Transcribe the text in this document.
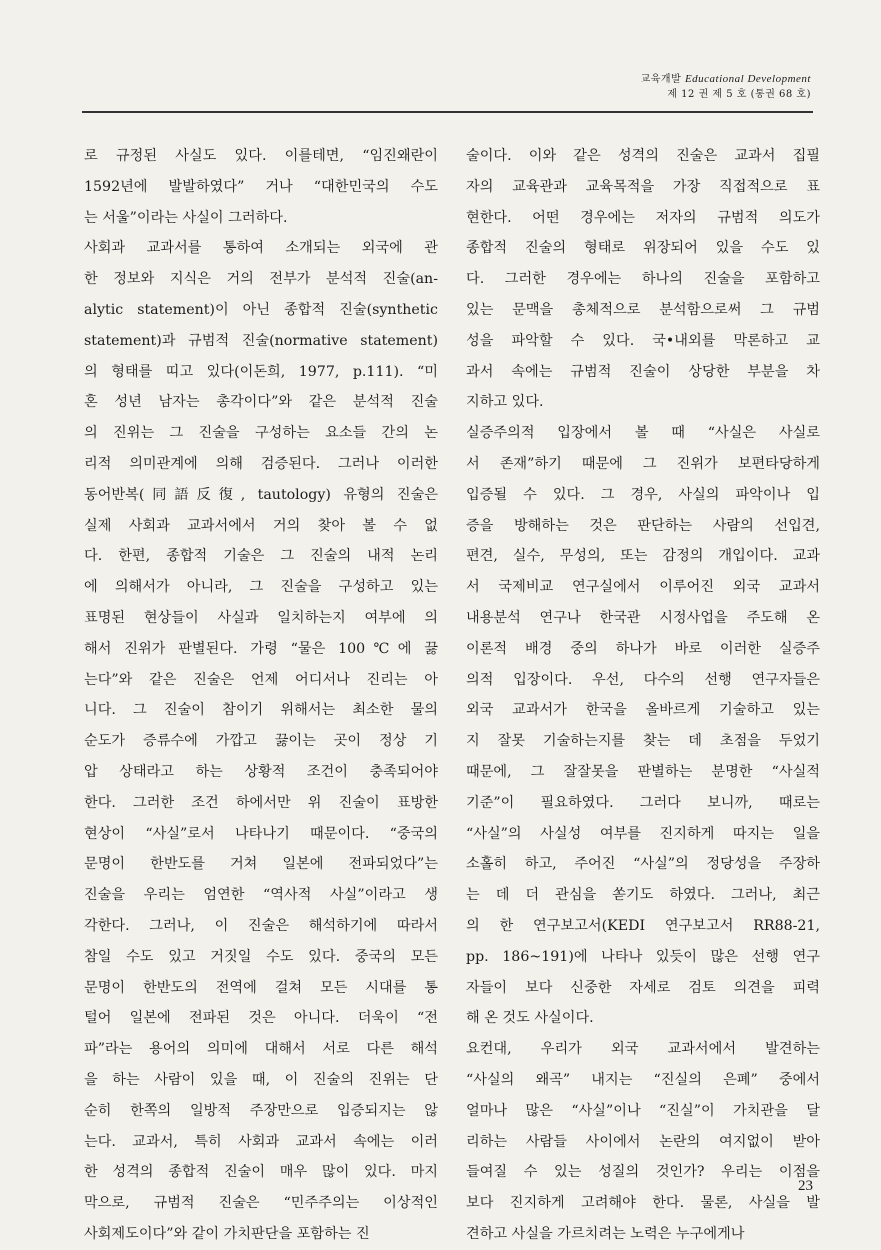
교육개발 Educational Development
제 12 권 제 5 호 (통권 68 호)
로 규정된 사실도 있다. 이를테면, “임진왜란이
1592년에 발발하였다” 거나 “대한민국의 수도
는 서울”이라는 사실이 그러하다.
사회과 교과서를 통하여 소개되는 외국에 관
한 정보와 지식은 거의 전부가 분석적 진술(an-
alytic statement)이 아닌 종합적 진술(synthetic
statement)과 규범적 진술(normative statement)
의 형태를 띠고 있다(이돈희, 1977, p.111). “미
혼 성년 남자는 총각이다”와 같은 분석적 진술
의 진위는 그 진술을 구성하는 요소들 간의 논
리적 의미관계에 의해 검증된다. 그러나 이러한
동어반복(同語反復, tautology) 유형의 진술은
실제 사회과 교과서에서 거의 찾아 볼 수 없
다. 한편, 종합적 기술은 그 진술의 내적 논리
에 의해서가 아니라, 그 진술을 구성하고 있는
표명된 현상들이 사실과 일치하는지 여부에 의
해서 진위가 판별된다. 가령 “물은 100℃에 끓
는다”와 같은 진술은 언제 어디서나 진리는 아
니다. 그 진술이 참이기 위해서는 최소한 물의
순도가 증류수에 가깝고 끓이는 곳이 정상 기
압 상태라고 하는 상황적 조건이 충족되어야
한다. 그러한 조건 하에서만 위 진술이 표방한
현상이 “사실”로서 나타나기 때문이다. “중국의
문명이 한반도를 거쳐 일본에 전파되었다”는
진술을 우리는 엄연한 “역사적 사실”이라고 생
각한다. 그러나, 이 진술은 해석하기에 따라서
참일 수도 있고 거짓일 수도 있다. 중국의 모든
문명이 한반도의 전역에 걸쳐 모든 시대를 통
털어 일본에 전파된 것은 아니다. 더욱이 “전
파”라는 용어의 의미에 대해서 서로 다른 해석
을 하는 사람이 있을 때, 이 진술의 진위는 단
순히 한쪽의 일방적 주장만으로 입증되지는 않
는다. 교과서, 특히 사회과 교과서 속에는 이러
한 성격의 종합적 진술이 매우 많이 있다. 마지
막으로, 규범적 진술은 “민주주의는 이상적인
사회제도이다”와 같이 가치판단을 포함하는 진
술이다. 이와 같은 성격의 진술은 교과서 집필
자의 교육관과 교육목적을 가장 직접적으로 표
현한다. 어떤 경우에는 저자의 규범적 의도가
종합적 진술의 형태로 위장되어 있을 수도 있
다. 그러한 경우에는 하나의 진술을 포함하고
있는 문맥을 총체적으로 분석함으로써 그 규범
성을 파악할 수 있다. 국•내외를 막론하고 교
과서 속에는 규범적 진술이 상당한 부분을 차
지하고 있다.
실증주의적 입장에서 볼 때 “사실은 사실로
서 존재”하기 때문에 그 진위가 보편타당하게
입증될 수 있다. 그 경우, 사실의 파악이나 입
증을 방해하는 것은 판단하는 사람의 선입견,
편견, 실수, 무성의, 또는 감정의 개입이다. 교과
서 국제비교 연구실에서 이루어진 외국 교과서
내용분석 연구나 한국관 시정사업을 주도해 온
이론적 배경 중의 하나가 바로 이러한 실증주
의적 입장이다. 우선, 다수의 선행 연구자들은
외국 교과서가 한국을 올바르게 기술하고 있는
지 잘못 기술하는지를 찾는 데 초점을 두었기
때문에, 그 잘잘못을 판별하는 분명한 “사실적
기준”이 필요하였다. 그러다 보니까, 때로는
“사실”의 사실성 여부를 진지하게 따지는 일을
소홀히 하고, 주어진 “사실”의 정당성을 주장하
는 데 더 관심을 쏟기도 하였다. 그러나, 최근
의 한 연구보고서(KEDI 연구보고서 RR88-21,
pp. 186~191)에 나타나 있듯이 많은 선행 연구
자들이 보다 신중한 자세로 검토 의견을 피력
해 온 것도 사실이다.
요컨대, 우리가 외국 교과서에서 발견하는
“사실의 왜곡” 내지는 “진실의 은폐” 중에서
얼마나 많은 “사실”이나 “진실”이 가치관을 달
리하는 사람들 사이에서 논란의 여지없이 받아
들여질 수 있는 성질의 것인가? 우리는 이점을
보다 진지하게 고려해야 한다. 물론, 사실을 발
견하고 사실을 가르치려는 노력은 누구에게나
23
